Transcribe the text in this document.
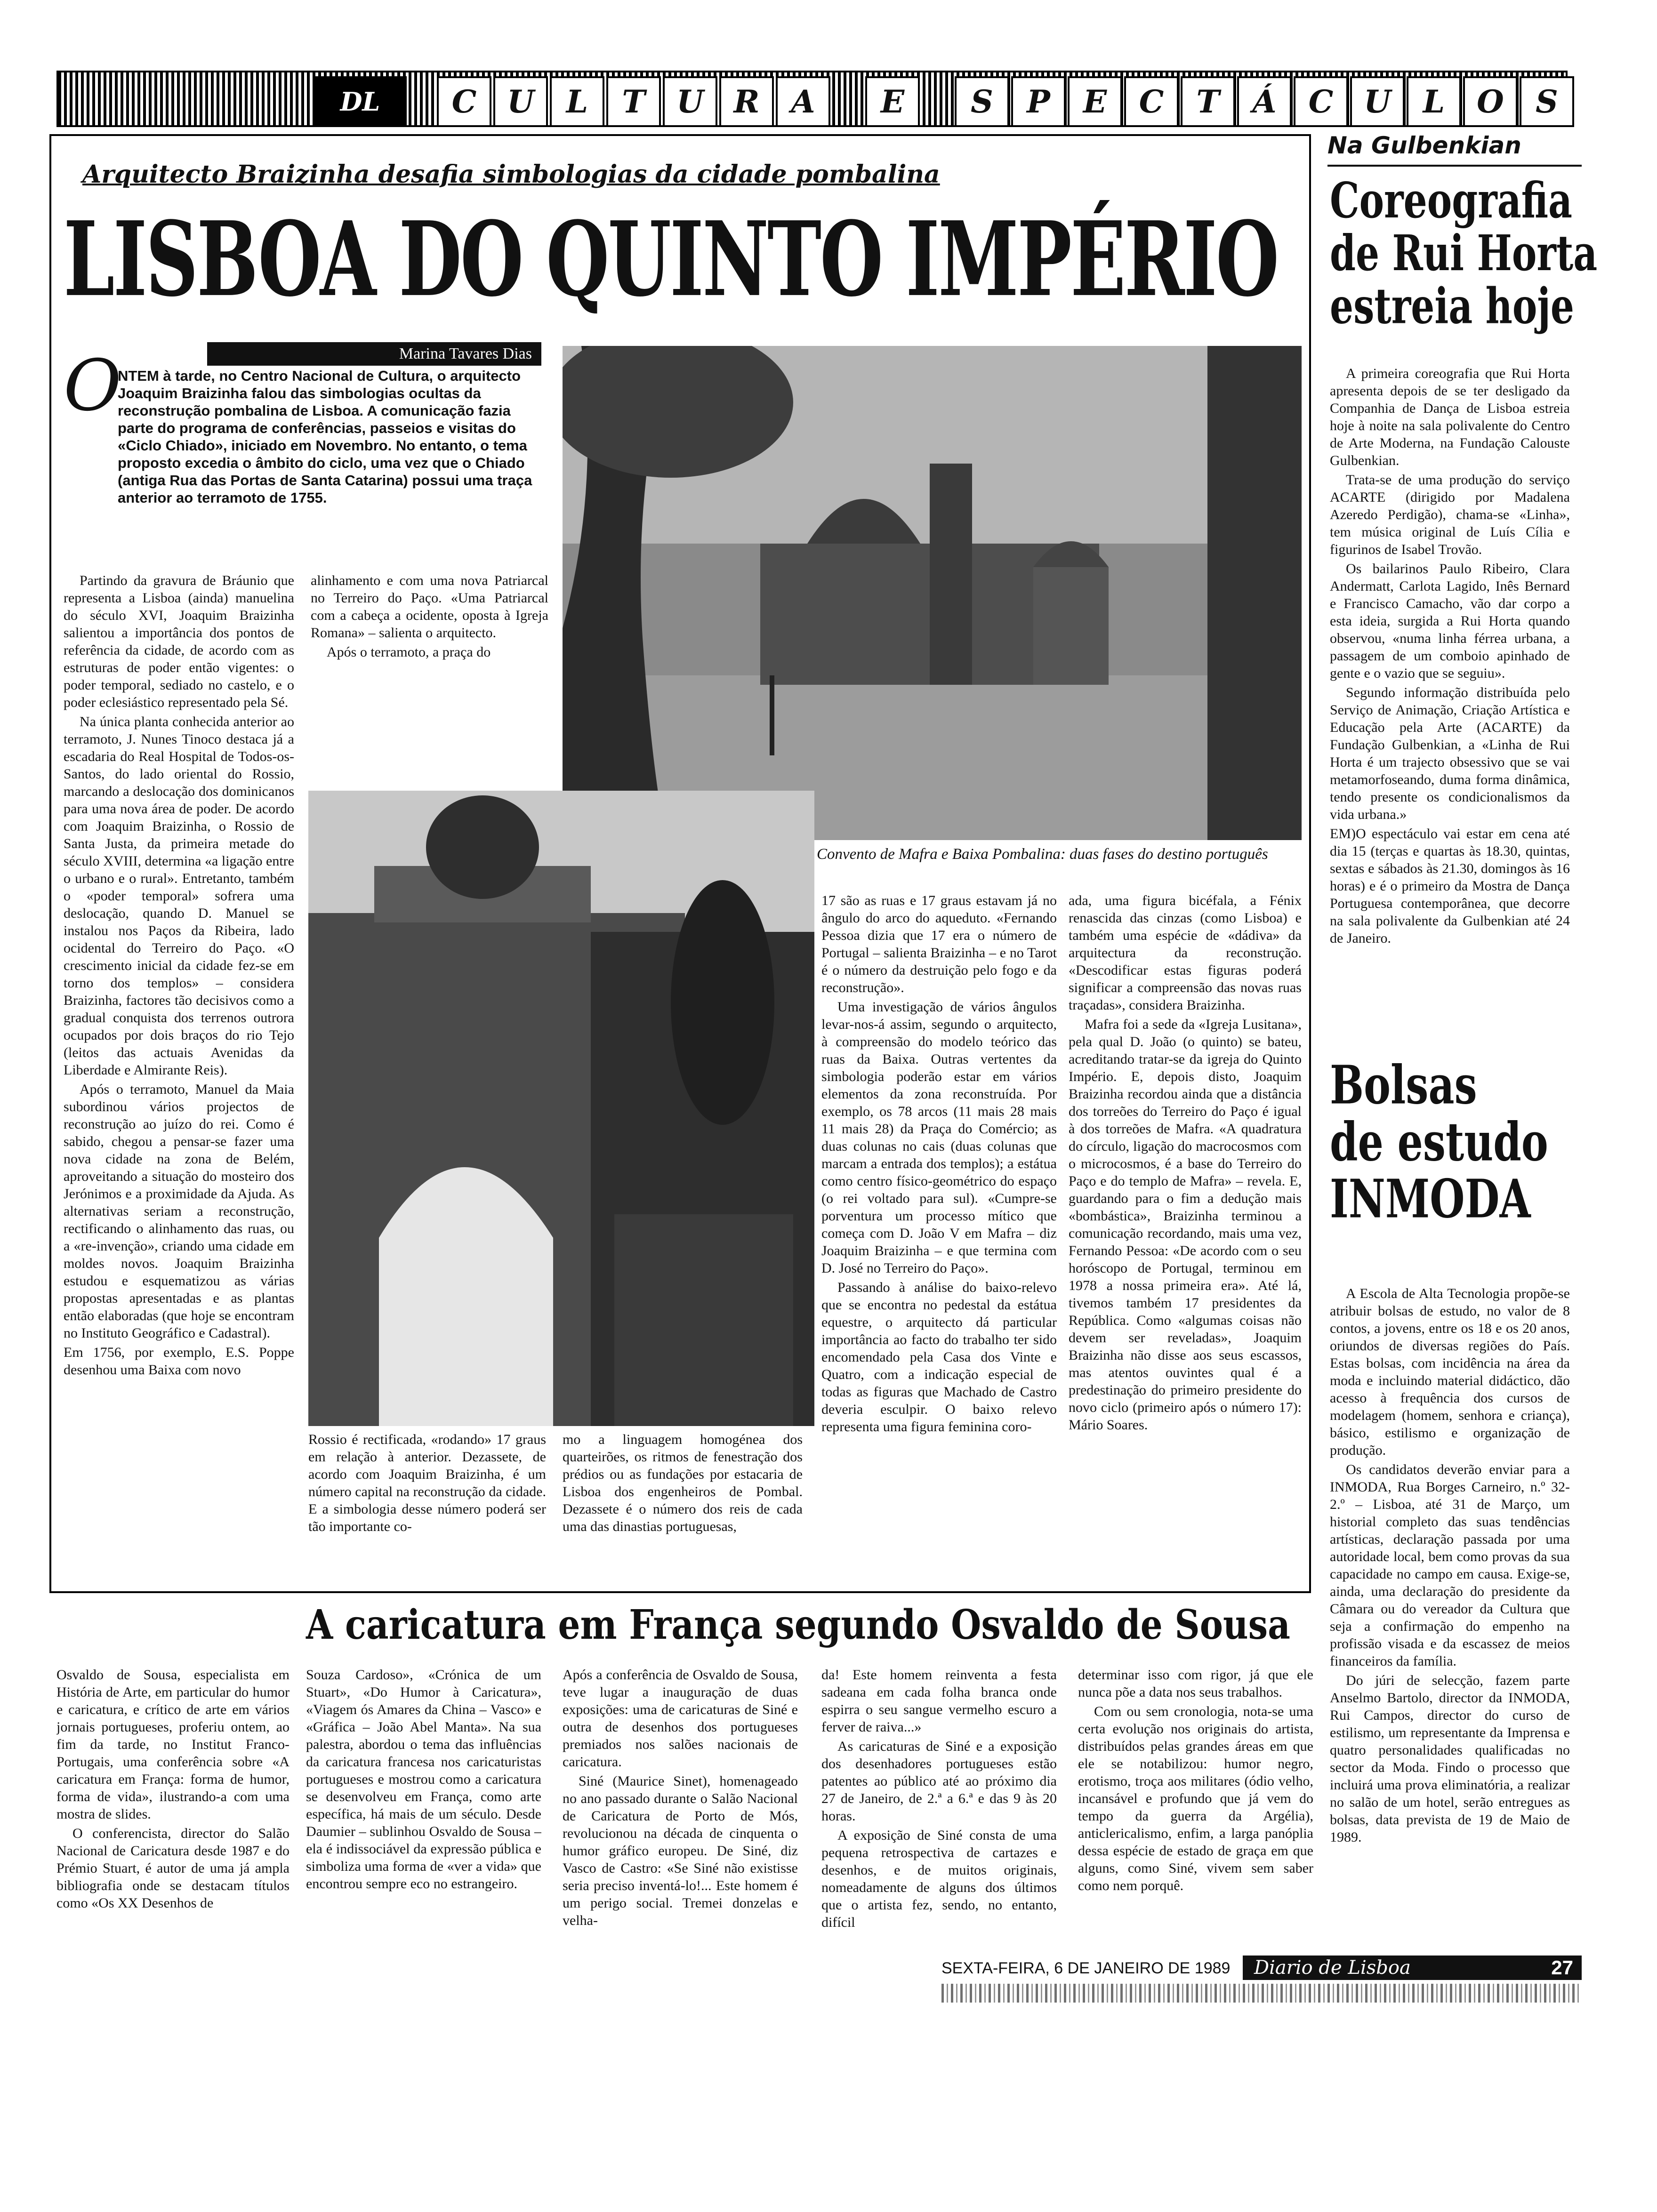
DL C U L T U R A E S P E C T Á C U L O S
Arquitecto Braizinha desafia simbologias da cidade pombalina
LISBOA DO QUINTO IMPÉRIO
Marina Tavares Dias
O
NTEM à tarde, no Centro Nacional de Cultura, o arquitecto Joaquim Braizinha falou das simbologias ocultas da reconstrução pombalina de Lisboa. A comunicação fazia parte do programa de conferências, passeios e visitas do «Ciclo Chiado», iniciado em Novembro. No entanto, o tema proposto excedia o âmbito do ciclo, uma vez que o Chiado (antiga Rua das Portas de Santa Catarina) possui uma traça anterior ao terramoto de 1755.
Convento de Mafra e Baixa Pombalina: duas fases do destino português

Partindo da gravura de Bráunio que representa a Lisboa (ainda) manuelina do século XVI, Joaquim Braizinha salientou a importância dos pontos de referência da cidade, de acordo com as estruturas de poder então vigentes: o poder temporal, sediado no castelo, e o poder eclesiástico representado pela Sé.

Na única planta conhecida anterior ao terramoto, J. Nunes Tinoco destaca já a escadaria do Real Hospital de Todos-os-Santos, do lado oriental do Rossio, marcando a deslocação dos dominicanos para uma nova área de poder. De acordo com Joaquim Braizinha, o Rossio de Santa Justa, da primeira metade do século XVIII, determina «a ligação entre o urbano e o rural». Entretanto, também o «poder temporal» sofrera uma deslocação, quando D. Manuel se instalou nos Paços da Ribeira, lado ocidental do Terreiro do Paço. «O crescimento inicial da cidade fez-se em torno dos templos» – considera Braizinha, factores tão decisivos como a gradual conquista dos terrenos outrora ocupados por dois braços do rio Tejo (leitos das actuais Avenidas da Liberdade e Almirante Reis).

Após o terramoto, Manuel da Maia subordinou vários projectos de reconstrução ao juízo do rei. Como é sabido, chegou a pensar-se fazer uma nova cidade na zona de Belém, aproveitando a situação do mosteiro dos Jerónimos e a proximidade da Ajuda. As alternativas seriam a reconstrução, rectificando o alinhamento das ruas, ou a «re-invenção», criando uma cidade em moldes novos. Joaquim Braizinha estudou e esquematizou as várias propostas apresentadas e as plantas então elaboradas (que hoje se encontram no Instituto Geográfico e Cadastral).

Em 1756, por exemplo, E.S. Poppe desenhou uma Baixa com novo

alinhamento e com uma nova Patriarcal no Terreiro do Paço. «Uma Patriarcal com a cabeça a ocidente, oposta à Igreja Romana» – salienta o arquitecto.

Após o terramoto, a praça do

Rossio é rectificada, «rodando» 17 graus em relação à anterior. Dezassete, de acordo com Joaquim Braizinha, é um número capital na reconstrução da cidade. E a simbologia desse número poderá ser tão importante co-

mo a linguagem homogénea dos quarteirões, os ritmos de fenestração dos prédios ou as fundações por estacaria de Lisboa dos engenheiros de Pombal. Dezassete é o número dos reis de cada uma das dinastias portuguesas,

17 são as ruas e 17 graus estavam já no ângulo do arco do aqueduto. «Fernando Pessoa dizia que 17 era o número de Portugal – salienta Braizinha – e no Tarot é o número da destruição pelo fogo e da reconstrução».

Uma investigação de vários ângulos levar-nos-á assim, segundo o arquitecto, à compreensão do modelo teórico das ruas da Baixa. Outras vertentes da simbologia poderão estar em vários elementos da zona reconstruída. Por exemplo, os 78 arcos (11 mais 28 mais 11 mais 28) da Praça do Comércio; as duas colunas no cais (duas colunas que marcam a entrada dos templos); a estátua como centro físico-geométrico do espaço (o rei voltado para sul). «Cumpre-se porventura um processo mítico que começa com D. João V em Mafra – diz Joaquim Braizinha – e que termina com D. José no Terreiro do Paço».

Passando à análise do baixo-relevo que se encontra no pedestal da estátua equestre, o arquitecto dá particular importância ao facto do trabalho ter sido encomendado pela Casa dos Vinte e Quatro, com a indicação especial de todas as figuras que Machado de Castro deveria esculpir. O baixo relevo representa uma figura feminina coro-

ada, uma figura bicéfala, a Fénix renascida das cinzas (como Lisboa) e também uma espécie de «dádiva» da arquitectura da reconstrução. «Descodificar estas figuras poderá significar a compreensão das novas ruas traçadas», considera Braizinha.

Mafra foi a sede da «Igreja Lusitana», pela qual D. João (o quinto) se bateu, acreditando tratar-se da igreja do Quinto Império. E, depois disto, Joaquim Braizinha recordou ainda que a distância dos torreões do Terreiro do Paço é igual à dos torreões de Mafra. «A quadratura do círculo, ligação do macrocosmos com o microcosmos, é a base do Terreiro do Paço e do templo de Mafra» – revela. E, guardando para o fim a dedução mais «bombástica», Braizinha terminou a comunicação recordando, mais uma vez, Fernando Pessoa: «De acordo com o seu horóscopo de Portugal, terminou em 1978 a nossa primeira era». Até lá, tivemos também 17 presidentes da República. Como «algumas coisas não devem ser reveladas», Joaquim Braizinha não disse aos seus escassos, mas atentos ouvintes qual é a predestinação do primeiro presidente do novo ciclo (primeiro após o número 17): Mário Soares.

A caricatura em França segundo Osvaldo de Sousa

Osvaldo de Sousa, especialista em História de Arte, em particular do humor e caricatura, e crítico de arte em vários jornais portugueses, proferiu ontem, ao fim da tarde, no Institut Franco-Portugais, uma conferência sobre «A caricatura em França: forma de humor, forma de vida», ilustrando-a com uma mostra de slides.

O conferencista, director do Salão Nacional de Caricatura desde 1987 e do Prémio Stuart, é autor de uma já ampla bibliografia onde se destacam títulos como «Os XX Desenhos de

Souza Cardoso», «Crónica de um Stuart», «Do Humor à Caricatura», «Viagem ós Amares da China – Vasco» e «Gráfica – João Abel Manta». Na sua palestra, abordou o tema das influências da caricatura francesa nos caricaturistas portugueses e mostrou como a caricatura se desenvolveu em França, como arte específica, há mais de um século. Desde Daumier – sublinhou Osvaldo de Sousa – ela é indissociável da expressão pública e simboliza uma forma de «ver a vida» que encontrou sempre eco no estrangeiro.

Após a conferência de Osvaldo de Sousa, teve lugar a inauguração de duas exposições: uma de caricaturas de Siné e outra de desenhos dos portugueses premiados nos salões nacionais de caricatura.

Siné (Maurice Sinet), homenageado no ano passado durante o Salão Nacional de Caricatura de Porto de Mós, revolucionou na década de cinquenta o humor gráfico europeu. De Siné, diz Vasco de Castro: «Se Siné não existisse seria preciso inventá-lo!... Este homem é um perigo social. Tremei donzelas e velha-

da! Este homem reinventa a festa sadeana em cada folha branca onde espirra o seu sangue vermelho escuro a ferver de raiva...»

As caricaturas de Siné e a exposição dos desenhadores portugueses estão patentes ao público até ao próximo dia 27 de Janeiro, de 2.ª a 6.ª e das 9 às 20 horas.

A exposição de Siné consta de uma pequena retrospectiva de cartazes e desenhos, e de muitos originais, nomeadamente de alguns dos últimos que o artista fez, sendo, no entanto, difícil

determinar isso com rigor, já que ele nunca põe a data nos seus trabalhos.

Com ou sem cronologia, nota-se uma certa evolução nos originais do artista, distribuídos pelas grandes áreas em que ele se notabilizou: humor negro, erotismo, troça aos militares (ódio velho, incansável e profundo que já vem do tempo da guerra da Argélia), anticlericalismo, enfim, a larga panóplia dessa espécie de estado de graça em que alguns, como Siné, vivem sem saber como nem porquê.

Na Gulbenkian
Coreografia
de Rui Horta
estreia hoje

A primeira coreografia que Rui Horta apresenta depois de se ter desligado da Companhia de Dança de Lisboa estreia hoje à noite na sala polivalente do Centro de Arte Moderna, na Fundação Calouste Gulbenkian.

Trata-se de uma produção do serviço ACARTE (dirigido por Madalena Azeredo Perdigão), chama-se «Linha», tem música original de Luís Cília e figurinos de Isabel Trovão.

Os bailarinos Paulo Ribeiro, Clara Andermatt, Carlota Lagido, Inês Bernard e Francisco Camacho, vão dar corpo a esta ideia, surgida a Rui Horta quando observou, «numa linha férrea urbana, a passagem de um comboio apinhado de gente e o vazio que se seguiu».

Segundo informação distribuída pelo Serviço de Animação, Criação Artística e Educação pela Arte (ACARTE) da Fundação Gulbenkian, a «Linha de Rui Horta é um trajecto obsessivo que se vai metamorfoseando, duma forma dinâmica, tendo presente os condicionalismos da vida urbana.»

EM)O espectáculo vai estar em cena até dia 15 (terças e quartas às 18.30, quintas, sextas e sábados às 21.30, domingos às 16 horas) e é o primeiro da Mostra de Dança Portuguesa contemporânea, que decorre na sala polivalente da Gulbenkian até 24 de Janeiro.

Bolsas
de estudo
INMODA

A Escola de Alta Tecnologia propõe-se atribuir bolsas de estudo, no valor de 8 contos, a jovens, entre os 18 e os 20 anos, oriundos de diversas regiões do País. Estas bolsas, com incidência na área da moda e incluindo material didáctico, dão acesso à frequência dos cursos de modelagem (homem, senhora e criança), básico, estilismo e organização de produção.

Os candidatos deverão enviar para a INMODA, Rua Borges Carneiro, n.º 32-2.º – Lisboa, até 31 de Março, um historial completo das suas tendências artísticas, declaração passada por uma autoridade local, bem como provas da sua capacidade no campo em causa. Exige-se, ainda, uma declaração do presidente da Câmara ou do vereador da Cultura que seja a confirmação do empenho na profissão visada e da escassez de meios financeiros da família.

Do júri de selecção, fazem parte Anselmo Bartolo, director da INMODA, Rui Campos, director do curso de estilismo, um representante da Imprensa e quatro personalidades qualificadas no sector da Moda. Findo o processo que incluirá uma prova eliminatória, a realizar no salão de um hotel, serão entregues as bolsas, data prevista de 19 de Maio de 1989.

SEXTA-FEIRA, 6 DE JANEIRO DE 1989 Diario de Lisboa	27
